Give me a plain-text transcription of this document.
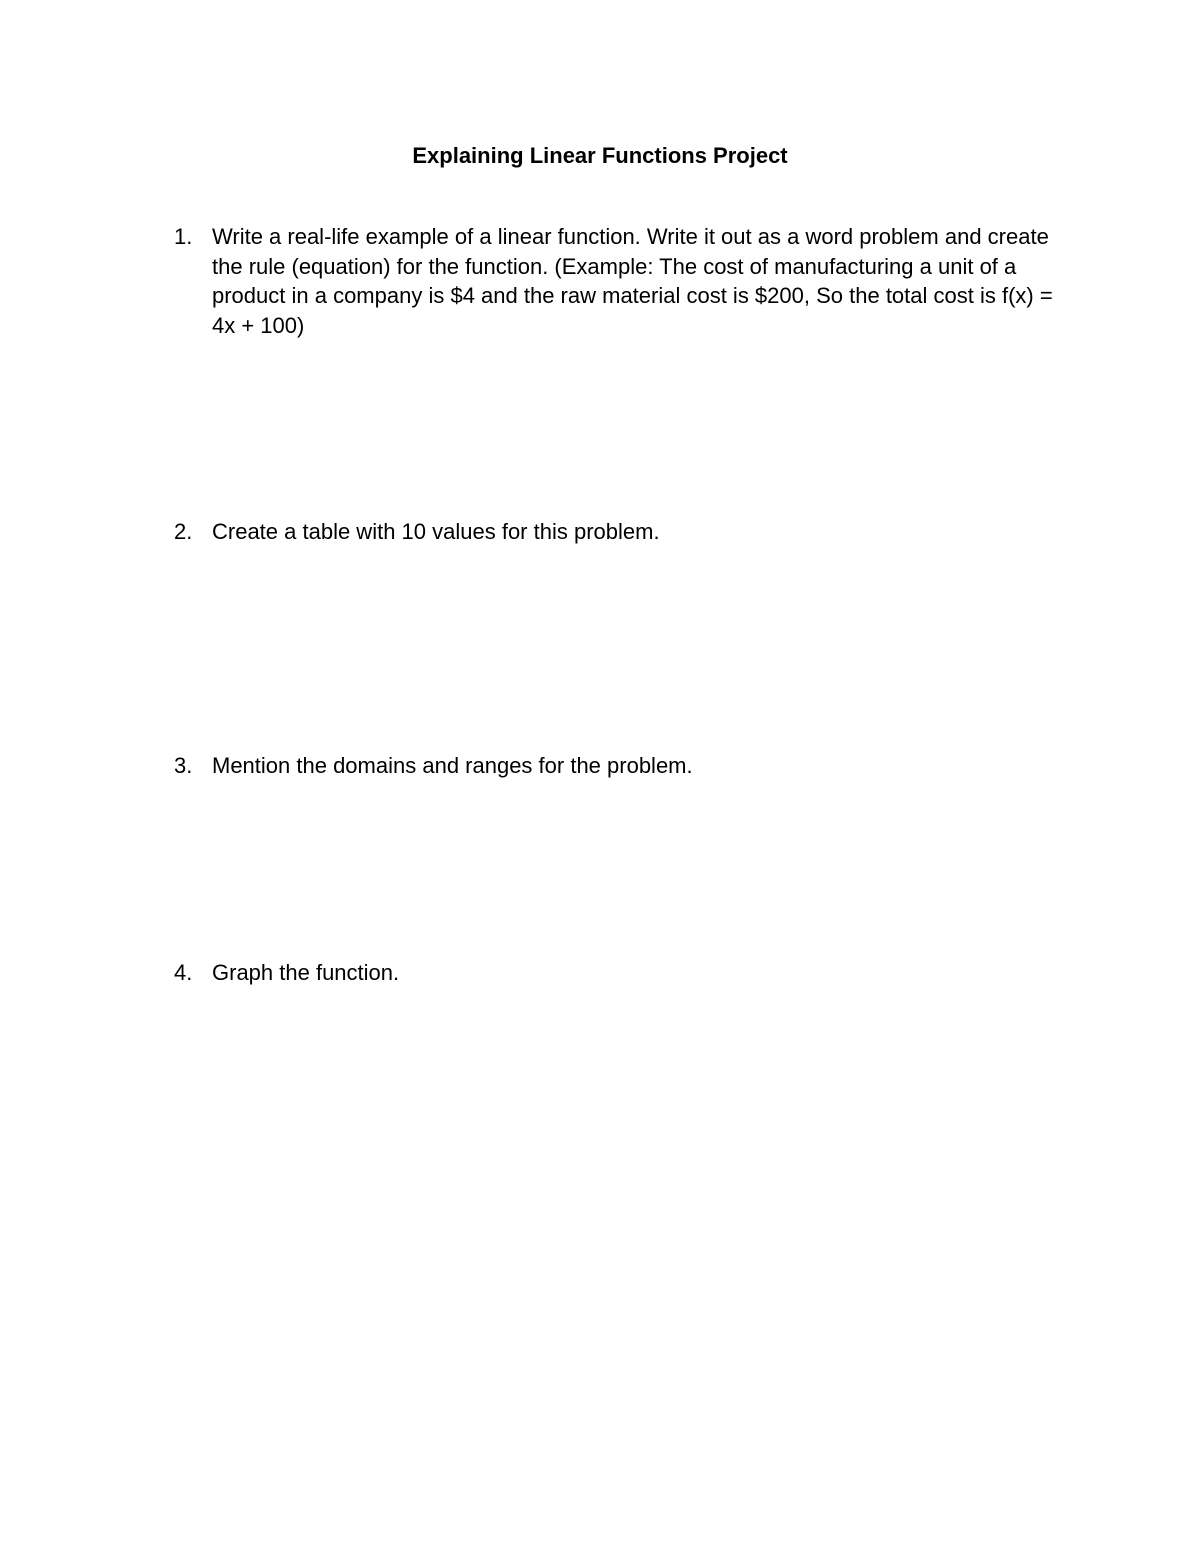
Explaining Linear Functions Project
1. Write a real-life example of a linear function. Write it out as a word problem and create the rule (equation) for the function. (Example: The cost of manufacturing a unit of a product in a company is $4 and the raw material cost is $200, So the total cost is f(x) = 4x + 100)
2. Create a table with 10 values for this problem.
3. Mention the domains and ranges for the problem.
4. Graph the function.
